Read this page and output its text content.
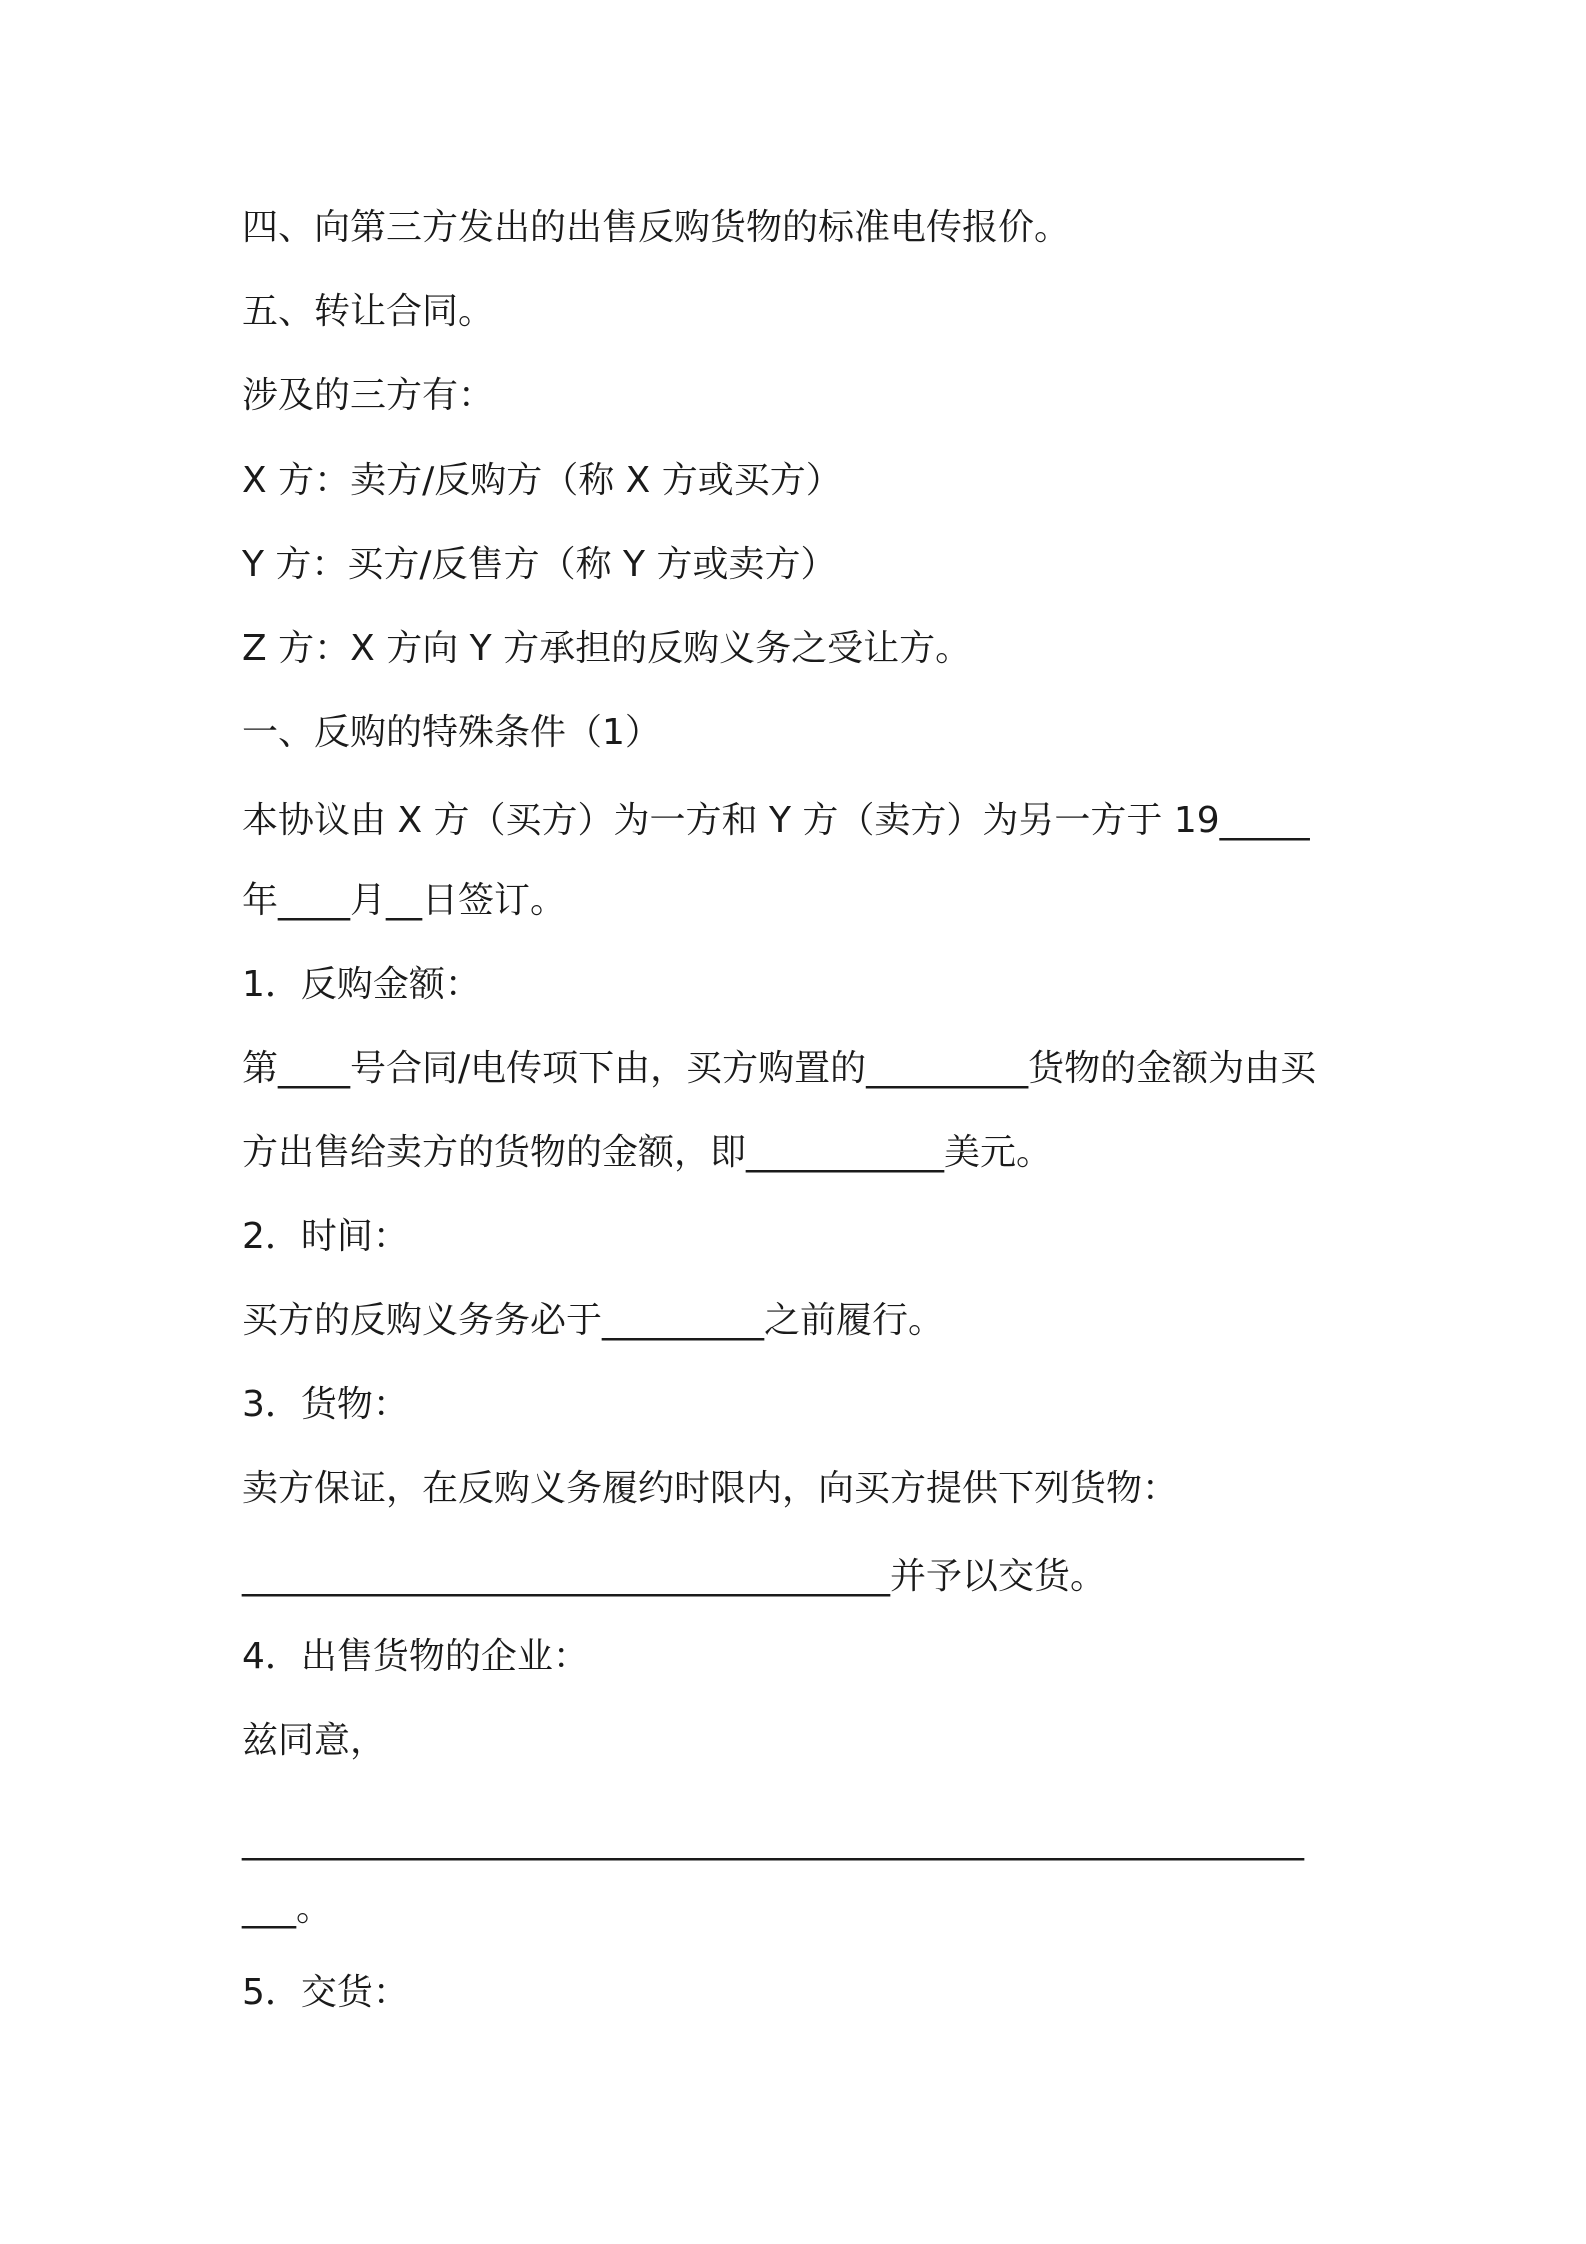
四、向第三方发出的出售反购货物的标准电传报价。
五、转让合同。
涉及的三方有：
X 方：卖方/反购方（称 X 方或买方）
Y 方：买方/反售方（称 Y 方或卖方）
Z 方：X 方向 Y 方承担的反购义务之受让方。
一、反购的特殊条件（1）
本协议由 X 方（买方）为一方和 Y 方（卖方）为另一方于 19_____
年____月__日签订。
1．反购金额：
第____号合同/电传项下由，买方购置的_________货物的金额为由买
方出售给卖方的货物的金额，即___________美元。
2．时间：
买方的反购义务务必于_________之前履行。
3．货物：
卖方保证，在反购义务履约时限内，向买方提供下列货物：
____________________________________并予以交货。
4．出售货物的企业：
兹同意，
___________________________________________________________
___。
5．交货：
